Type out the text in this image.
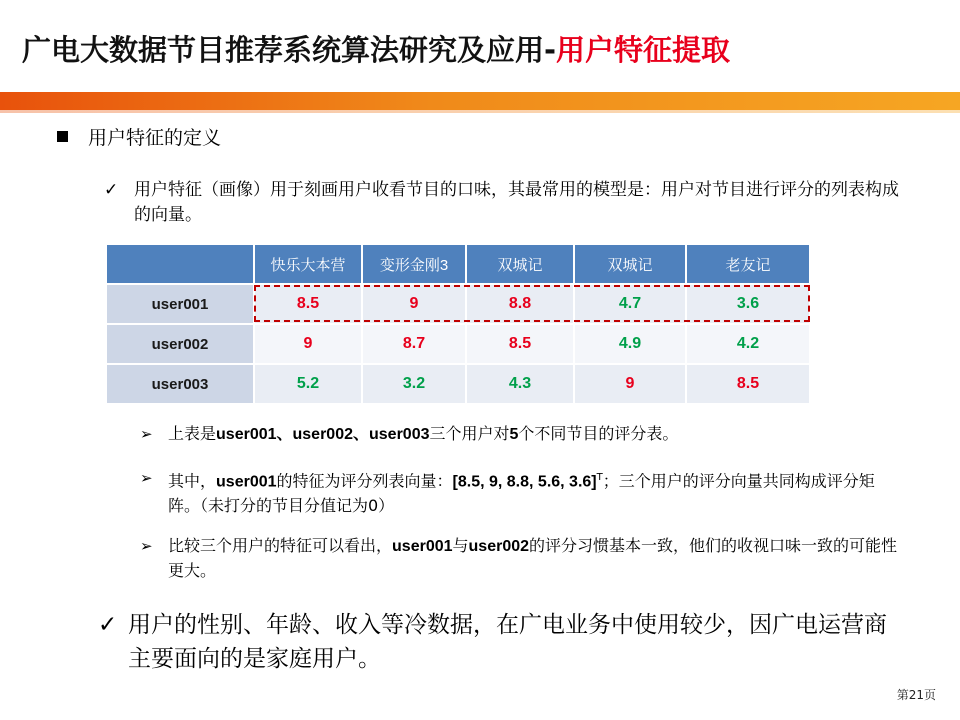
广电大数据节目推荐系统算法研究及应用-用户特征提取
用户特征的定义
✓ 用户特征（画像）用于刻画用户收看节目的口味，其最常用的模型是：用户对节目进行评分的列表构成的向量。
	快乐大本营	变形金刚3	双城记	双城记	老友记
user001	8.5	9	8.8	4.7	3.6
user002	9	8.7	8.5	4.9	4.2
user003	5.2	3.2	4.3	9	8.5
➢ 上表是user001、user002、user003三个用户对5个不同节目的评分表。
➢ 其中，user001的特征为评分列表向量：[8.5, 9, 8.8, 5.6, 3.6]$^T$；三个用户的评分向量共同构成评分矩阵。（未打分的节目分值记为0）
➢ 比较三个用户的特征可以看出，user001与user002的评分习惯基本一致，他们的收视口味一致的可能性更大。
✓ 用户的性别、年龄、收入等冷数据，在广电业务中使用较少，因广电运营商主要面向的是家庭用户。
第21页
